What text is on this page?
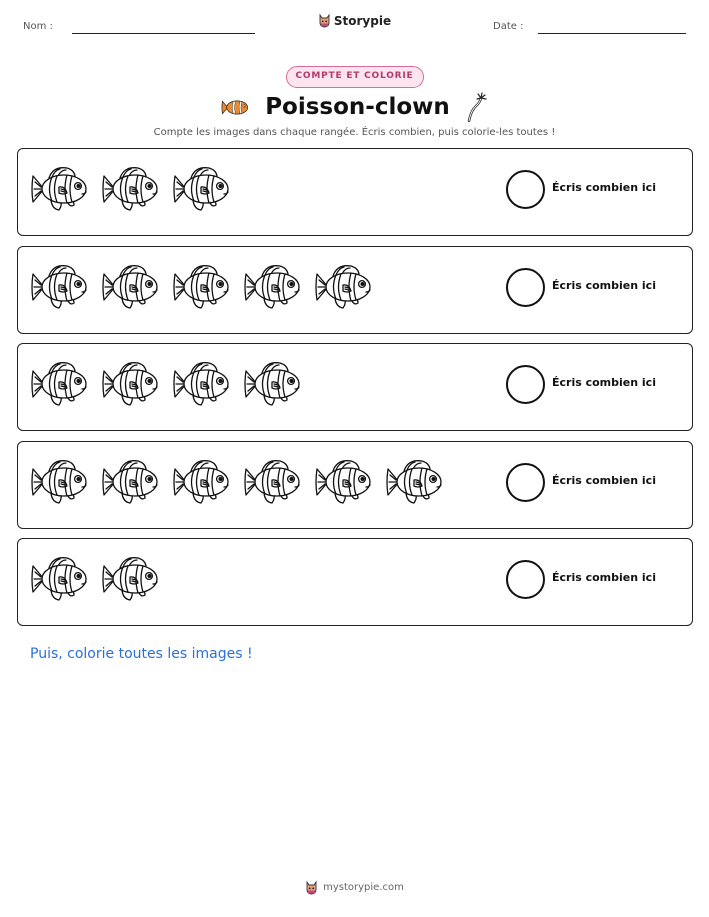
Nom :	Storypie	Date :
COMPTE ET COLORIE
Poisson-clown
Compte les images dans chaque rangée. Écris combien, puis colorie-les toutes !
Écris combien ici
Écris combien ici
Écris combien ici
Écris combien ici
Écris combien ici
Puis, colorie toutes les images !
mystorypie.com
